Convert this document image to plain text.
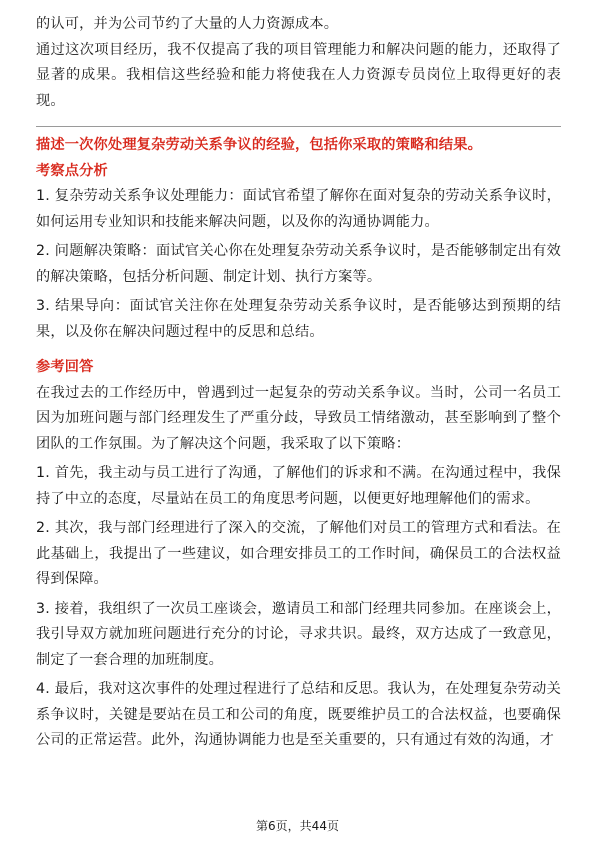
的认可，并为公司节约了大量的人力资源成本。

通过这次项目经历，我不仅提高了我的项目管理能力和解决问题的能力，还取得了显著的成果。我相信这些经验和能力将使我在人力资源专员岗位上取得更好的表现。

描述一次你处理复杂劳动关系争议的经验，包括你采取的策略和结果。

考察点分析

1. 复杂劳动关系争议处理能力：面试官希望了解你在面对复杂的劳动关系争议时，如何运用专业知识和技能来解决问题，以及你的沟通协调能力。

2. 问题解决策略：面试官关心你在处理复杂劳动关系争议时，是否能够制定出有效的解决策略，包括分析问题、制定计划、执行方案等。

3. 结果导向：面试官关注你在处理复杂劳动关系争议时，是否能够达到预期的结果，以及你在解决问题过程中的反思和总结。

参考回答

在我过去的工作经历中，曾遇到过一起复杂的劳动关系争议。当时，公司一名员工因为加班问题与部门经理发生了严重分歧，导致员工情绪激动，甚至影响到了整个团队的工作氛围。为了解决这个问题，我采取了以下策略：

1. 首先，我主动与员工进行了沟通，了解他们的诉求和不满。在沟通过程中，我保持了中立的态度，尽量站在员工的角度思考问题，以便更好地理解他们的需求。

2. 其次，我与部门经理进行了深入的交流，了解他们对员工的管理方式和看法。在此基础上，我提出了一些建议，如合理安排员工的工作时间，确保员工的合法权益得到保障。

3. 接着，我组织了一次员工座谈会，邀请员工和部门经理共同参加。在座谈会上，我引导双方就加班问题进行充分的讨论，寻求共识。最终，双方达成了一致意见，制定了一套合理的加班制度。

4. 最后，我对这次事件的处理过程进行了总结和反思。我认为，在处理复杂劳动关系争议时，关键是要站在员工和公司的角度，既要维护员工的合法权益，也要确保公司的正常运营。此外，沟通协调能力也是至关重要的，只有通过有效的沟通，才

第6页，共44页
